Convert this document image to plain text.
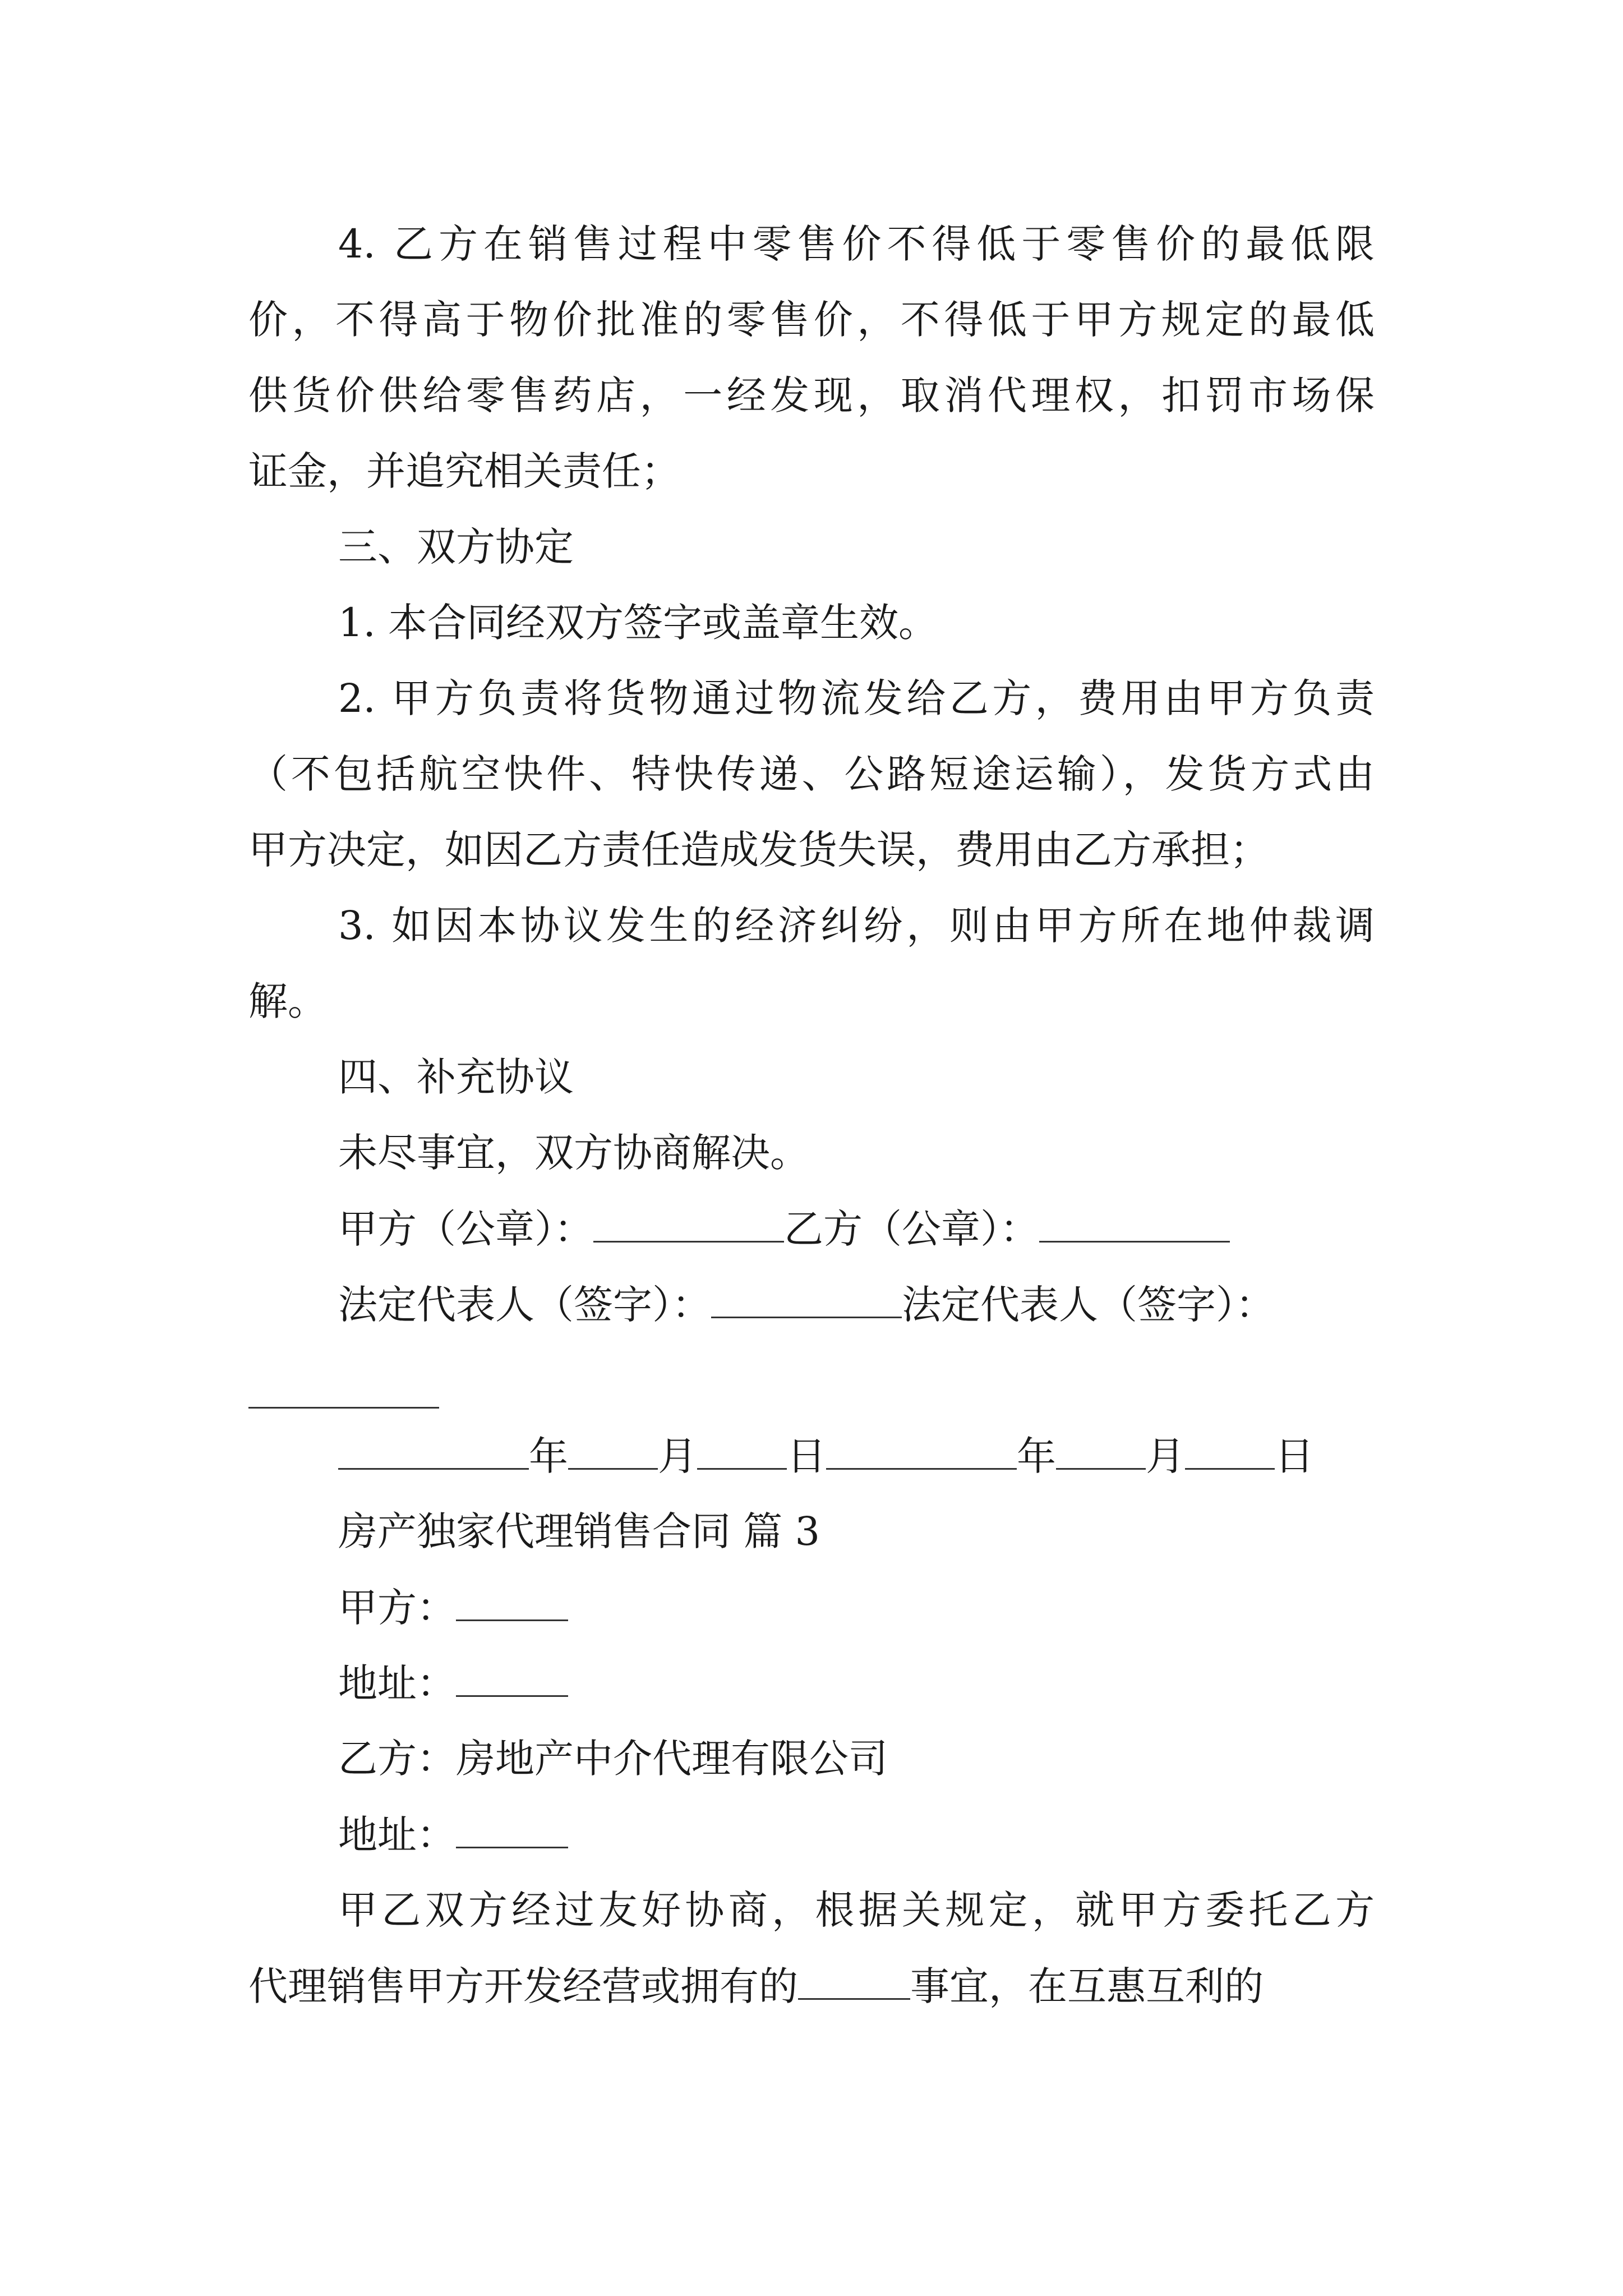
4. 乙方在销售过程中零售价不得低于零售价的最低限
价，不得高于物价批准的零售价，不得低于甲方规定的最低
供货价供给零售药店，一经发现，取消代理权，扣罚市场保
证金，并追究相关责任；
三、双方协定
1. 本合同经双方签字或盖章生效。
2. 甲方负责将货物通过物流发给乙方，费用由甲方负责
（不包括航空快件、特快传递、公路短途运输），发货方式由
甲方决定，如因乙方责任造成发货失误，费用由乙方承担；
3. 如因本协议发生的经济纠纷，则由甲方所在地仲裁调
解。
四、补充协议
未尽事宜，双方协商解决。
甲方（公章）：	乙方（公章）：
法定代表人（签字）：	法定代表人（签字）：
年 月 日	年 月 日
房产独家代理销售合同 篇 3
甲方：
地址：
乙方：房地产中介代理有限公司
地址：
甲乙双方经过友好协商，根据关规定，就甲方委托乙方
代理销售甲方开发经营或拥有的	事宜，在互惠互利的
